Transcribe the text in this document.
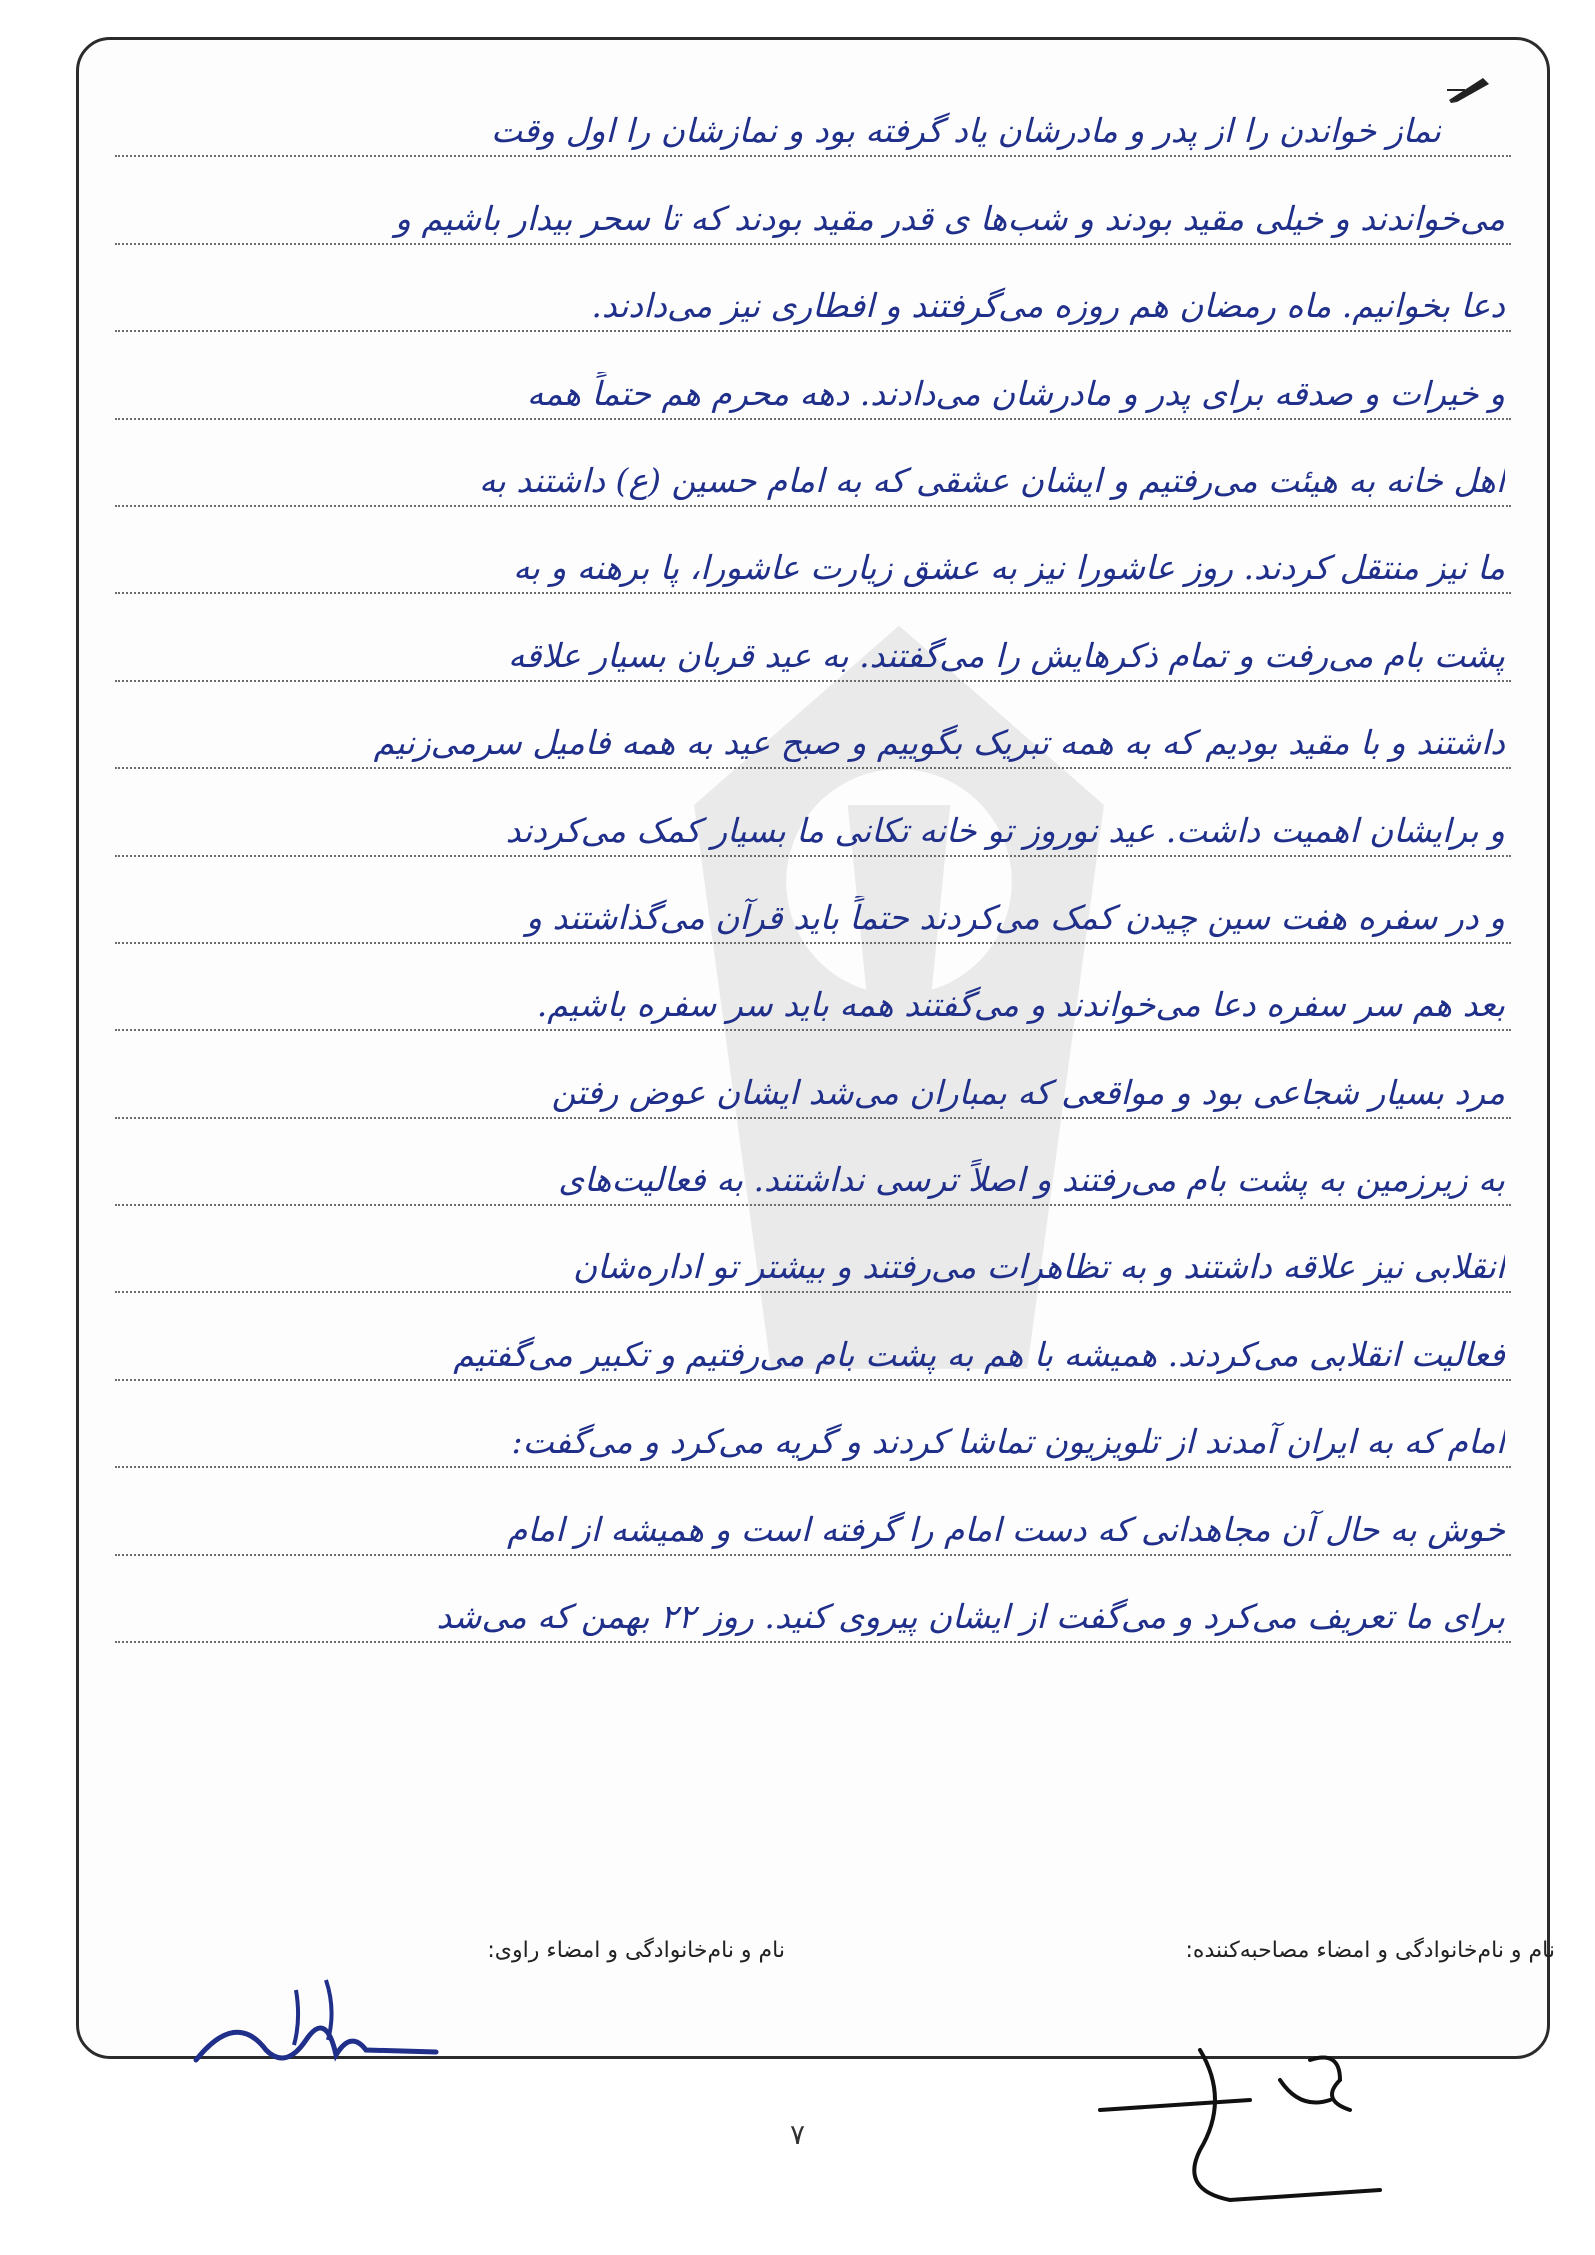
نماز خواندن را از پدر و مادرشان یاد گرفته بود و نمازشان را اول وقت
می‌خواندند و خیلی مقید بودند و شب‌ها ی قدر مقید بودند که تا سحر بیدار باشیم و
دعا بخوانیم. ماه رمضان هم روزه می‌گرفتند و افطاری نیز می‌دادند.
و خیرات و صدقه برای پدر و مادرشان می‌دادند. دهه محرم هم حتماً همه
اهل خانه به هیئت می‌رفتیم و ایشان عشقی که به امام حسین (ع) داشتند به
ما نیز منتقل کردند. روز عاشورا نیز به عشق زیارت عاشورا، پا برهنه و به
پشت بام می‌رفت و تمام ذکرهایش را می‌گفتند. به عید قربان بسیار علاقه
داشتند و با مقید بودیم که به همه تبریک بگوییم و صبح عید به همه فامیل سرمی‌زنیم
و برایشان اهمیت داشت. عید نوروز تو خانه تکانی ما بسیار کمک می‌کردند
و در سفره هفت سین چیدن کمک می‌کردند حتماً باید قرآن می‌گذاشتند و
بعد هم سر سفره دعا می‌خواندند و می‌گفتند همه باید سر سفره باشیم.
مرد بسیار شجاعی بود و مواقعی که بمباران می‌شد ایشان عوض رفتن
به زیرزمین به پشت بام می‌رفتند و اصلاً ترسی نداشتند. به فعالیت‌های
انقلابی نیز علاقه داشتند و به تظاهرات می‌رفتند و بیشتر تو اداره‌شان
فعالیت انقلابی می‌کردند. همیشه با هم به پشت بام می‌رفتیم و تکبیر می‌گفتیم
امام که به ایران آمدند از تلویزیون تماشا کردند و گریه می‌کرد و می‌گفت:
خوش به حال آن مجاهدانی که دست امام را گرفته است و همیشه از امام
برای ما تعریف می‌کرد و می‌گفت از ایشان پیروی کنید. روز ۲۲ بهمن که می‌شد
نام و نام‌خانوادگی و امضاء مصاحبه‌کننده:
نام و نام‌خانوادگی و امضاء راوی:
۷
